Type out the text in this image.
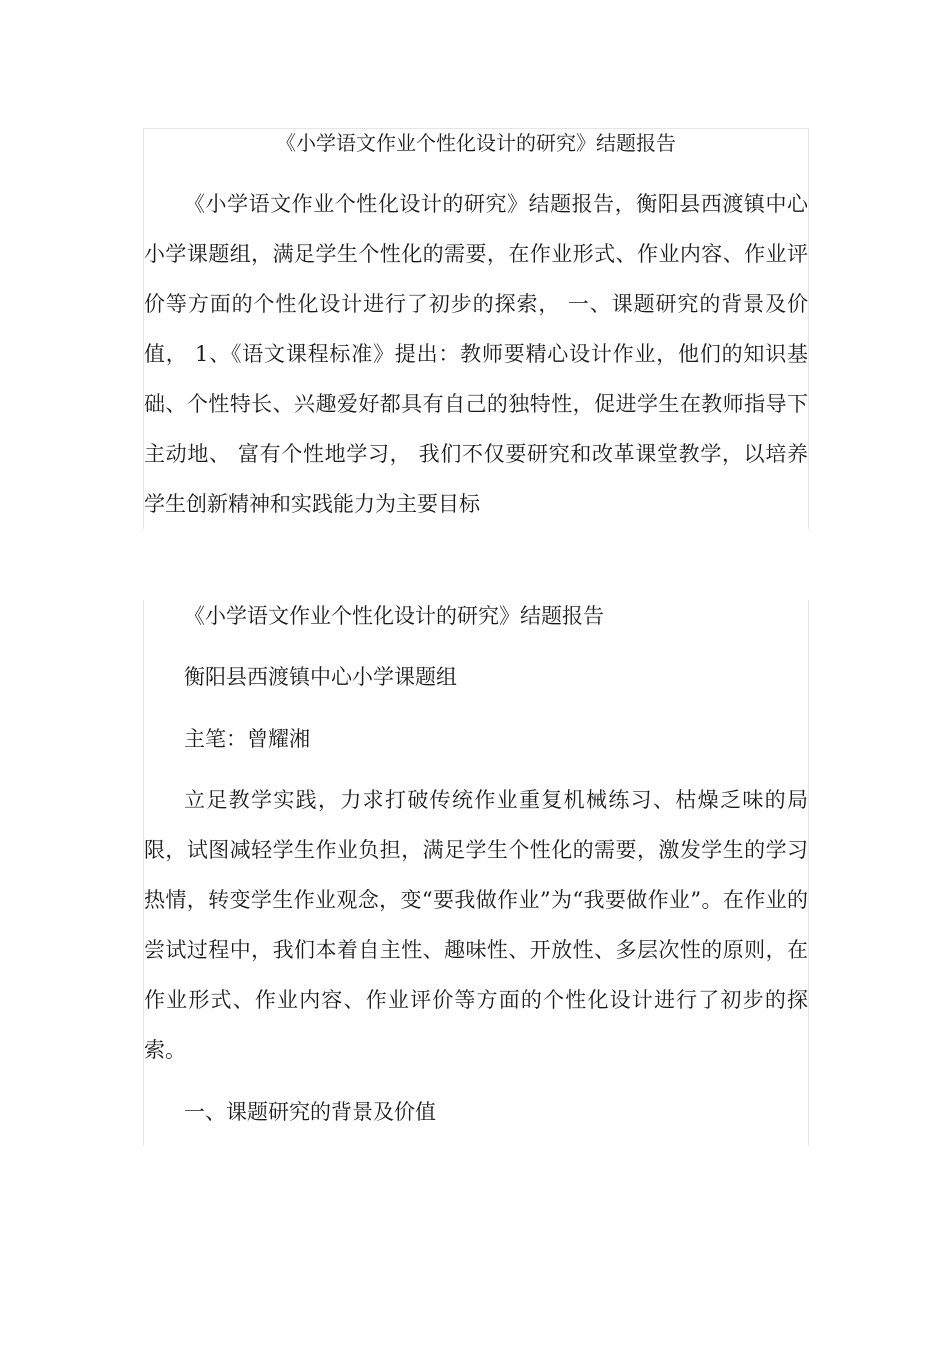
《小学语文作业个性化设计的研究》结题报告

《小学语文作业个性化设计的研究》结题报告，衡阳县西渡镇中心小学课题组，满足学生个性化的需要，在作业形式、作业内容、作业评价等方面的个性化设计进行了初步的探索， 一、课题研究的背景及价值， 1、《语文课程标准》提出：教师要精心设计作业，他们的知识基础、个性特长、兴趣爱好都具有自己的独特性，促进学生在教师指导下主动地、 富有个性地学习， 我们不仅要研究和改革课堂教学，以培养学生创新精神和实践能力为主要目标

《小学语文作业个性化设计的研究》结题报告
衡阳县西渡镇中心小学课题组
主笔：曾耀湘

立足教学实践，力求打破传统作业重复机械练习、枯燥乏味的局限，试图减轻学生作业负担，满足学生个性化的需要，激发学生的学习热情，转变学生作业观念，变“要我做作业”为“我要做作业”。在作业的尝试过程中，我们本着自主性、趣味性、开放性、多层次性的原则，在作业形式、作业内容、作业评价等方面的个性化设计进行了初步的探索。

一、课题研究的背景及价值
